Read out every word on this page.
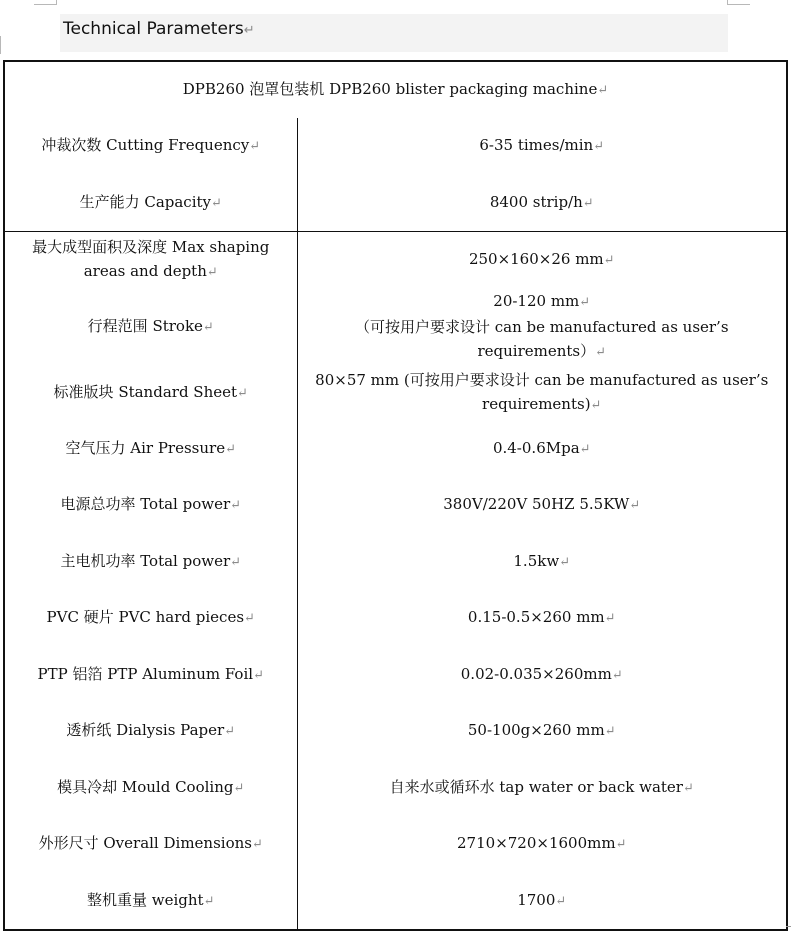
Technical Parameters↵
DPB260 泡罩包装机 DPB260 blister packaging machine↵	
冲裁次数 Cutting Frequency↵	6-35 times/min↵
生产能力 Capacity↵	8400 strip/h↵
最大成型面积及深度 Max shaping areas and depth↵	250×160×26 mm↵
行程范围 Stroke↵	20-120 mm↵
（可按用户要求设计 can be manufactured as user’s requirements）↵
标准版块 Standard Sheet↵	80×57 mm (可按用户要求设计 can be manufactured as user’s requirements)↵
空气压力 Air Pressure↵	0.4-0.6Mpa↵
电源总功率 Total power↵	380V/220V 50HZ 5.5KW↵
主电机功率 Total power↵	1.5kw↵
PVC 硬片 PVC hard pieces↵	0.15-0.5×260 mm↵
PTP 铝箔 PTP Aluminum Foil↵	0.02-0.035×260mm↵
透析纸 Dialysis Paper↵	50-100g×260 mm↵
模具冷却 Mould Cooling↵	自来水或循环水 tap water or back water↵
外形尺寸 Overall Dimensions↵	2710×720×1600mm↵
整机重量 weight↵	1700↵
